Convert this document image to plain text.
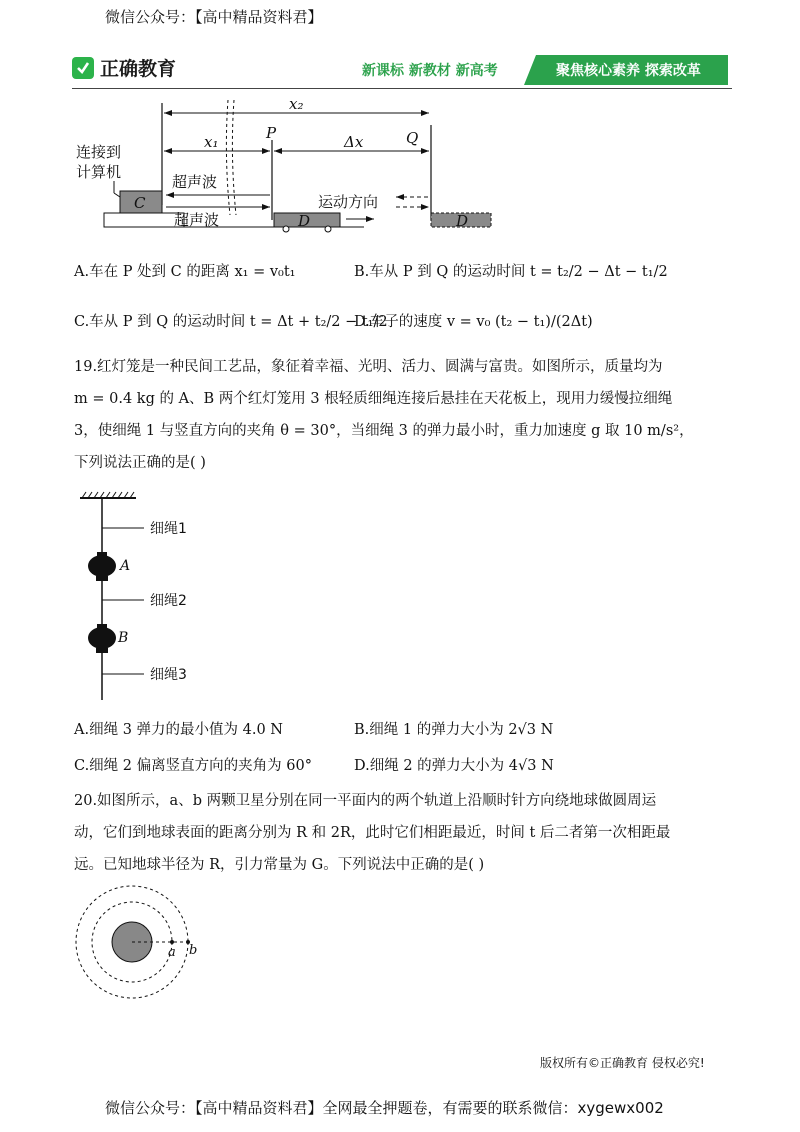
微信公众号：【高中精品资料君】
正确教育	新课标 新教材 新高考	聚焦核心素养 探索改革
x₂
x₁	P	Δx	Q
连接到
计算机
C
超声波
超声波	D
运动方向
D
A.车在 P 处到 C 的距离 x₁ = v₀t₁	B.车从 P 到 Q 的运动时间 t = t₂/2 − Δt − t₁/2
C.车从 P 到 Q 的运动时间 t = Δt + t₂/2 − t₁/2
D.车子的速度 v = v₀ (t₂ − t₁)/(2Δt)
19.红灯笼是一种民间工艺品，象征着幸福、光明、活力、圆满与富贵。如图所示，质量均为
m = 0.4 kg 的 A、B 两个红灯笼用 3 根轻质细绳连接后悬挂在天花板上，现用力缓慢拉细绳
3，使细绳 1 与竖直方向的夹角 θ = 30°，当细绳 3 的弹力最小时，重力加速度 g 取 10 m/s²，
下列说法正确的是( )
细绳1
A
细绳2
B
细绳3
A.细绳 3 弹力的最小值为 4.0 N	B.细绳 1 的弹力大小为 2√3 N
C.细绳 2 偏离竖直方向的夹角为 60°	D.细绳 2 的弹力大小为 4√3 N
20.如图所示，a、b 两颗卫星分别在同一平面内的两个轨道上沿顺时针方向绕地球做圆周运
动，它们到地球表面的距离分别为 R 和 2R，此时它们相距最近，时间 t 后二者第一次相距最
远。已知地球半径为 R，引力常量为 G。下列说法中正确的是( )
a b
版权所有©正确教育 侵权必究!
微信公众号：【高中精品资料君】全网最全押题卷，有需要的联系微信：xygewx002
